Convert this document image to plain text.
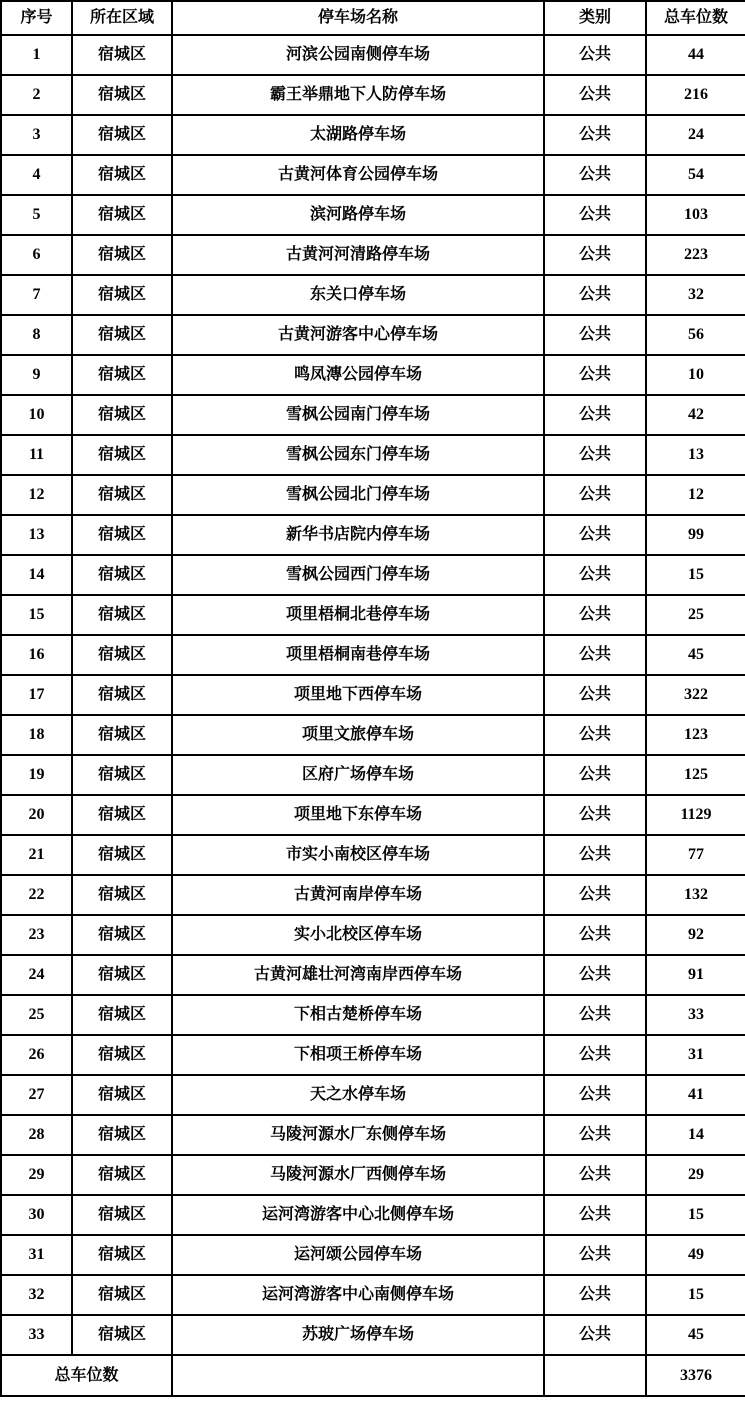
序号	所在区域	停车场名称	类别	总车位数
1	宿城区	河滨公园南侧停车场	公共	44
2	宿城区	霸王举鼎地下人防停车场	公共	216
3	宿城区	太湖路停车场	公共	24
4	宿城区	古黄河体育公园停车场	公共	54
5	宿城区	滨河路停车场	公共	103
6	宿城区	古黄河河清路停车场	公共	223
7	宿城区	东关口停车场	公共	32
8	宿城区	古黄河游客中心停车场	公共	56
9	宿城区	鸣凤漙公园停车场	公共	10
10	宿城区	雪枫公园南门停车场	公共	42
11	宿城区	雪枫公园东门停车场	公共	13
12	宿城区	雪枫公园北门停车场	公共	12
13	宿城区	新华书店院内停车场	公共	99
14	宿城区	雪枫公园西门停车场	公共	15
15	宿城区	项里梧桐北巷停车场	公共	25
16	宿城区	项里梧桐南巷停车场	公共	45
17	宿城区	项里地下西停车场	公共	322
18	宿城区	项里文旅停车场	公共	123
19	宿城区	区府广场停车场	公共	125
20	宿城区	项里地下东停车场	公共	1129
21	宿城区	市实小南校区停车场	公共	77
22	宿城区	古黄河南岸停车场	公共	132
23	宿城区	实小北校区停车场	公共	92
24	宿城区	古黄河雄壮河湾南岸西停车场	公共	91
25	宿城区	下相古楚桥停车场	公共	33
26	宿城区	下相项王桥停车场	公共	31
27	宿城区	天之水停车场	公共	41
28	宿城区	马陵河源水厂东侧停车场	公共	14
29	宿城区	马陵河源水厂西侧停车场	公共	29
30	宿城区	运河湾游客中心北侧停车场	公共	15
31	宿城区	运河颂公园停车场	公共	49
32	宿城区	运河湾游客中心南侧停车场	公共	15
33	宿城区	苏玻广场停车场	公共	45
总车位数				3376
